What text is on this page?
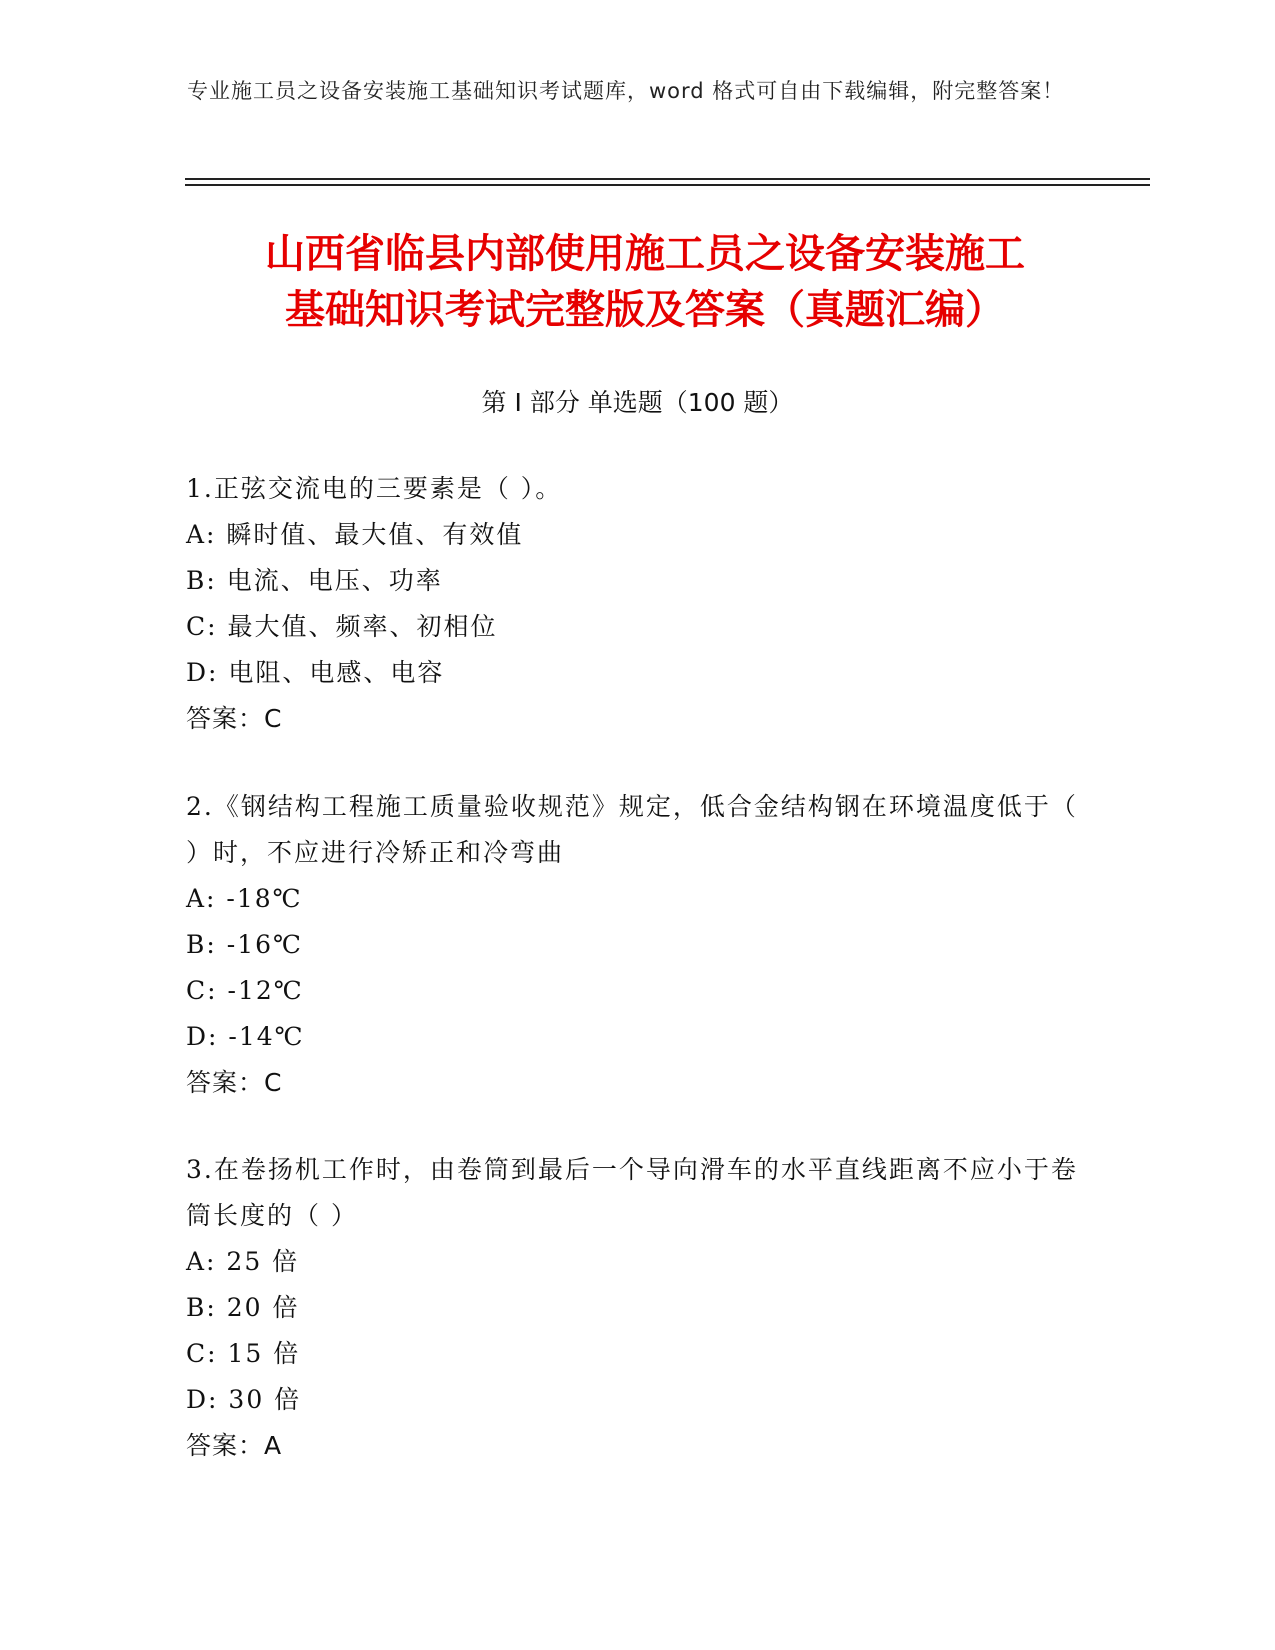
专业施工员之设备安装施工基础知识考试题库，word 格式可自由下载编辑，附完整答案！
山西省临县内部使用施工员之设备安装施工
基础知识考试完整版及答案（真题汇编）
第 I 部分 单选题（100 题）
1.正弦交流电的三要素是（ ）。
A: 瞬时值、最大值、有效值
B: 电流、电压、功率
C: 最大值、频率、初相位
D: 电阻、电感、电容
答案：C
2.《钢结构工程施工质量验收规范》规定，低合金结构钢在环境温度低于（ ）时，不应进行冷矫正和冷弯曲
A: -18℃
B: -16℃
C: -12℃
D: -14℃
答案：C
3.在卷扬机工作时，由卷筒到最后一个导向滑车的水平直线距离不应小于卷筒长度的（ ）
A: 25 倍
B: 20 倍
C: 15 倍
D: 30 倍
答案：A
